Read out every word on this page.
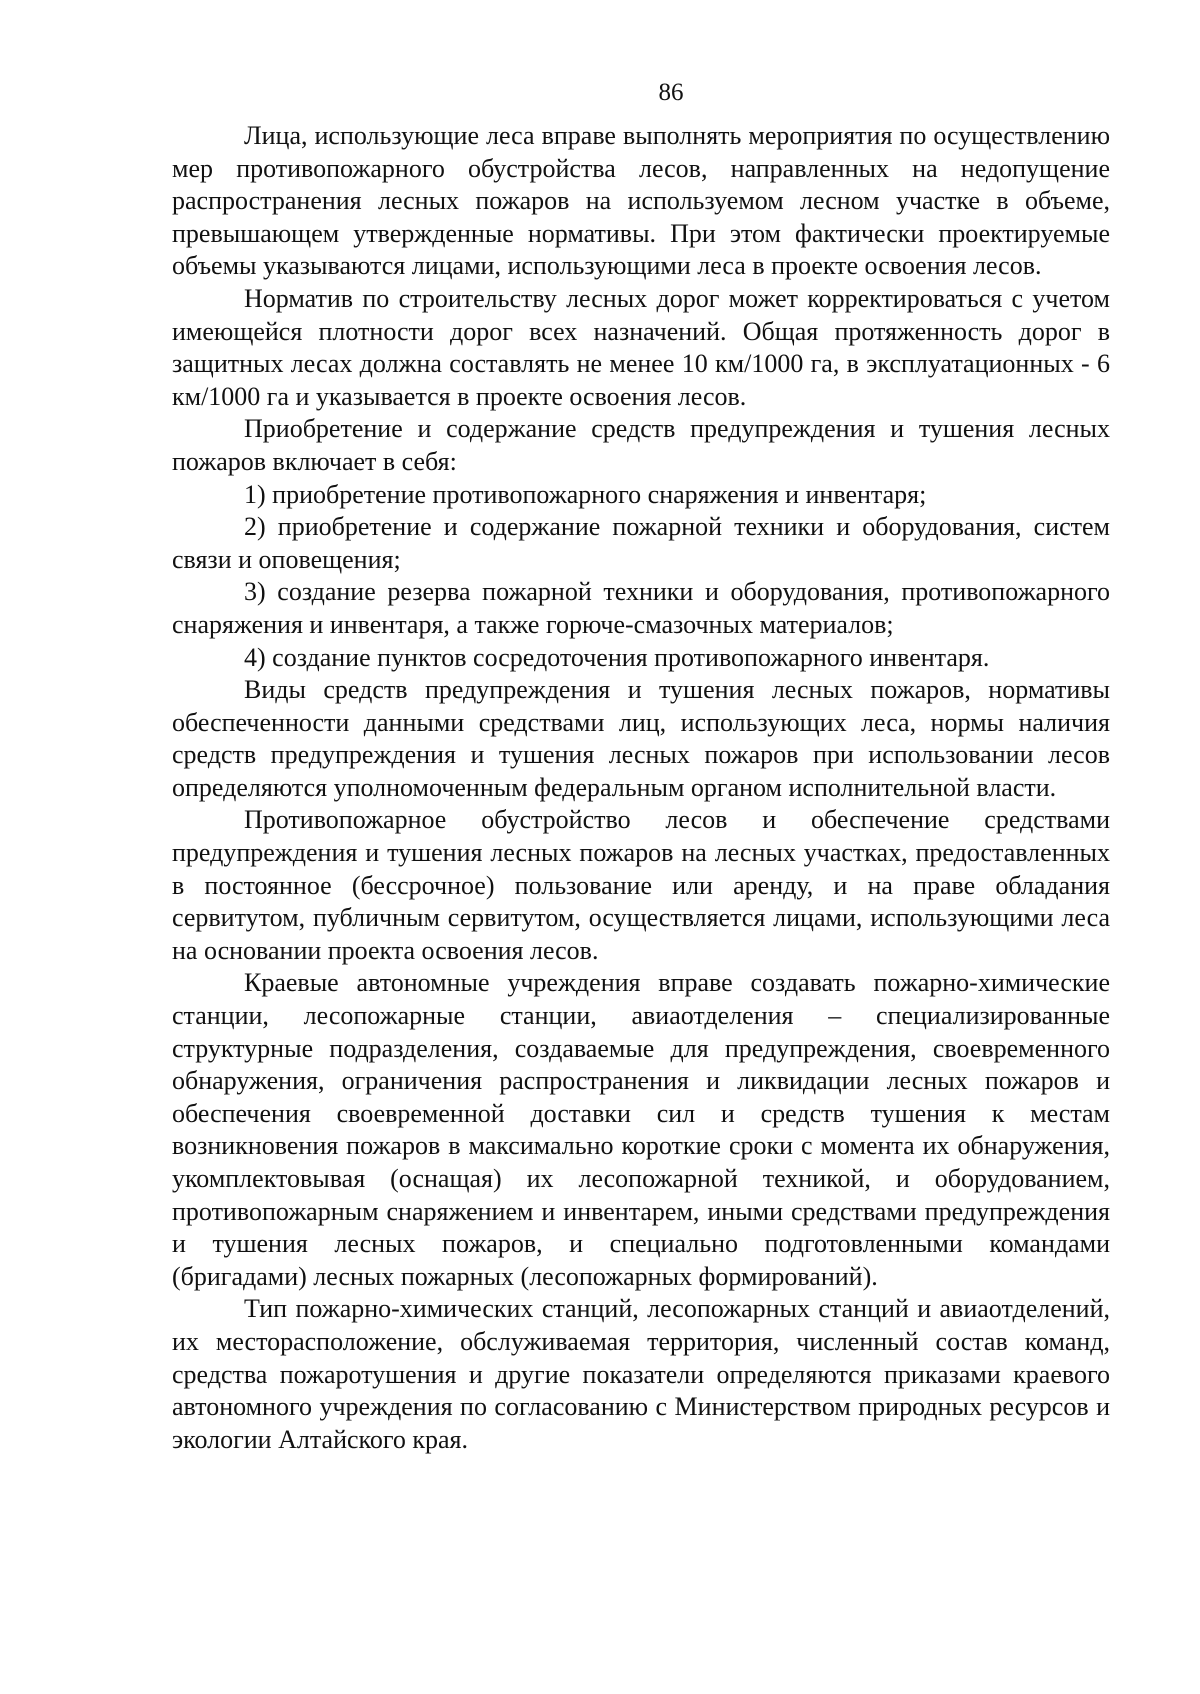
86

Лица, использующие леса вправе выполнять мероприятия по осуществлению мер противопожарного обустройства лесов, направленных на недопущение распространения лесных пожаров на используемом лесном участке в объеме, превышающем утвержденные нормативы. При этом фактически проектируемые объемы указываются лицами, использующими леса в проекте освоения лесов.

Норматив по строительству лесных дорог может корректироваться с учетом имеющейся плотности дорог всех назначений. Общая протяженность дорог в защитных лесах должна составлять не менее 10 км/1000 га, в эксплуатационных - 6 км/1000 га и указывается в проекте освоения лесов.

Приобретение и содержание средств предупреждения и тушения лесных пожаров включает в себя:

1) приобретение противопожарного снаряжения и инвентаря;

2) приобретение и содержание пожарной техники и оборудования, систем связи и оповещения;

3) создание резерва пожарной техники и оборудования, противопожарного снаряжения и инвентаря, а также горюче-смазочных материалов;

4) создание пунктов сосредоточения противопожарного инвентаря.

Виды средств предупреждения и тушения лесных пожаров, нормативы обеспеченности данными средствами лиц, использующих леса, нормы наличия средств предупреждения и тушения лесных пожаров при использовании лесов определяются уполномоченным федеральным органом исполнительной власти.

Противопожарное обустройство лесов и обеспечение средствами предупреждения и тушения лесных пожаров на лесных участках, предоставленных в постоянное (бессрочное) пользование или аренду, и на праве обладания сервитутом, публичным сервитутом, осуществляется лицами, использующими леса на основании проекта освоения лесов.

Краевые автономные учреждения вправе создавать пожарно-химические станции, лесопожарные станции, авиаотделения – специализированные структурные подразделения, создаваемые для предупреждения, своевременного обнаружения, ограничения распространения и ликвидации лесных пожаров и обеспечения своевременной доставки сил и средств тушения к местам возникновения пожаров в максимально короткие сроки с момента их обнаружения, укомплектовывая (оснащая) их лесопожарной техникой, и оборудованием, противопожарным снаряжением и инвентарем, иными средствами предупреждения и тушения лесных пожаров, и специально подготовленными командами (бригадами) лесных пожарных (лесопожарных формирований).

Тип пожарно-химических станций, лесопожарных станций и авиаотделений, их месторасположение, обслуживаемая территория, численный состав команд, средства пожаротушения и другие показатели определяются приказами краевого автономного учреждения по согласованию с Министерством природных ресурсов и экологии Алтайского края.
